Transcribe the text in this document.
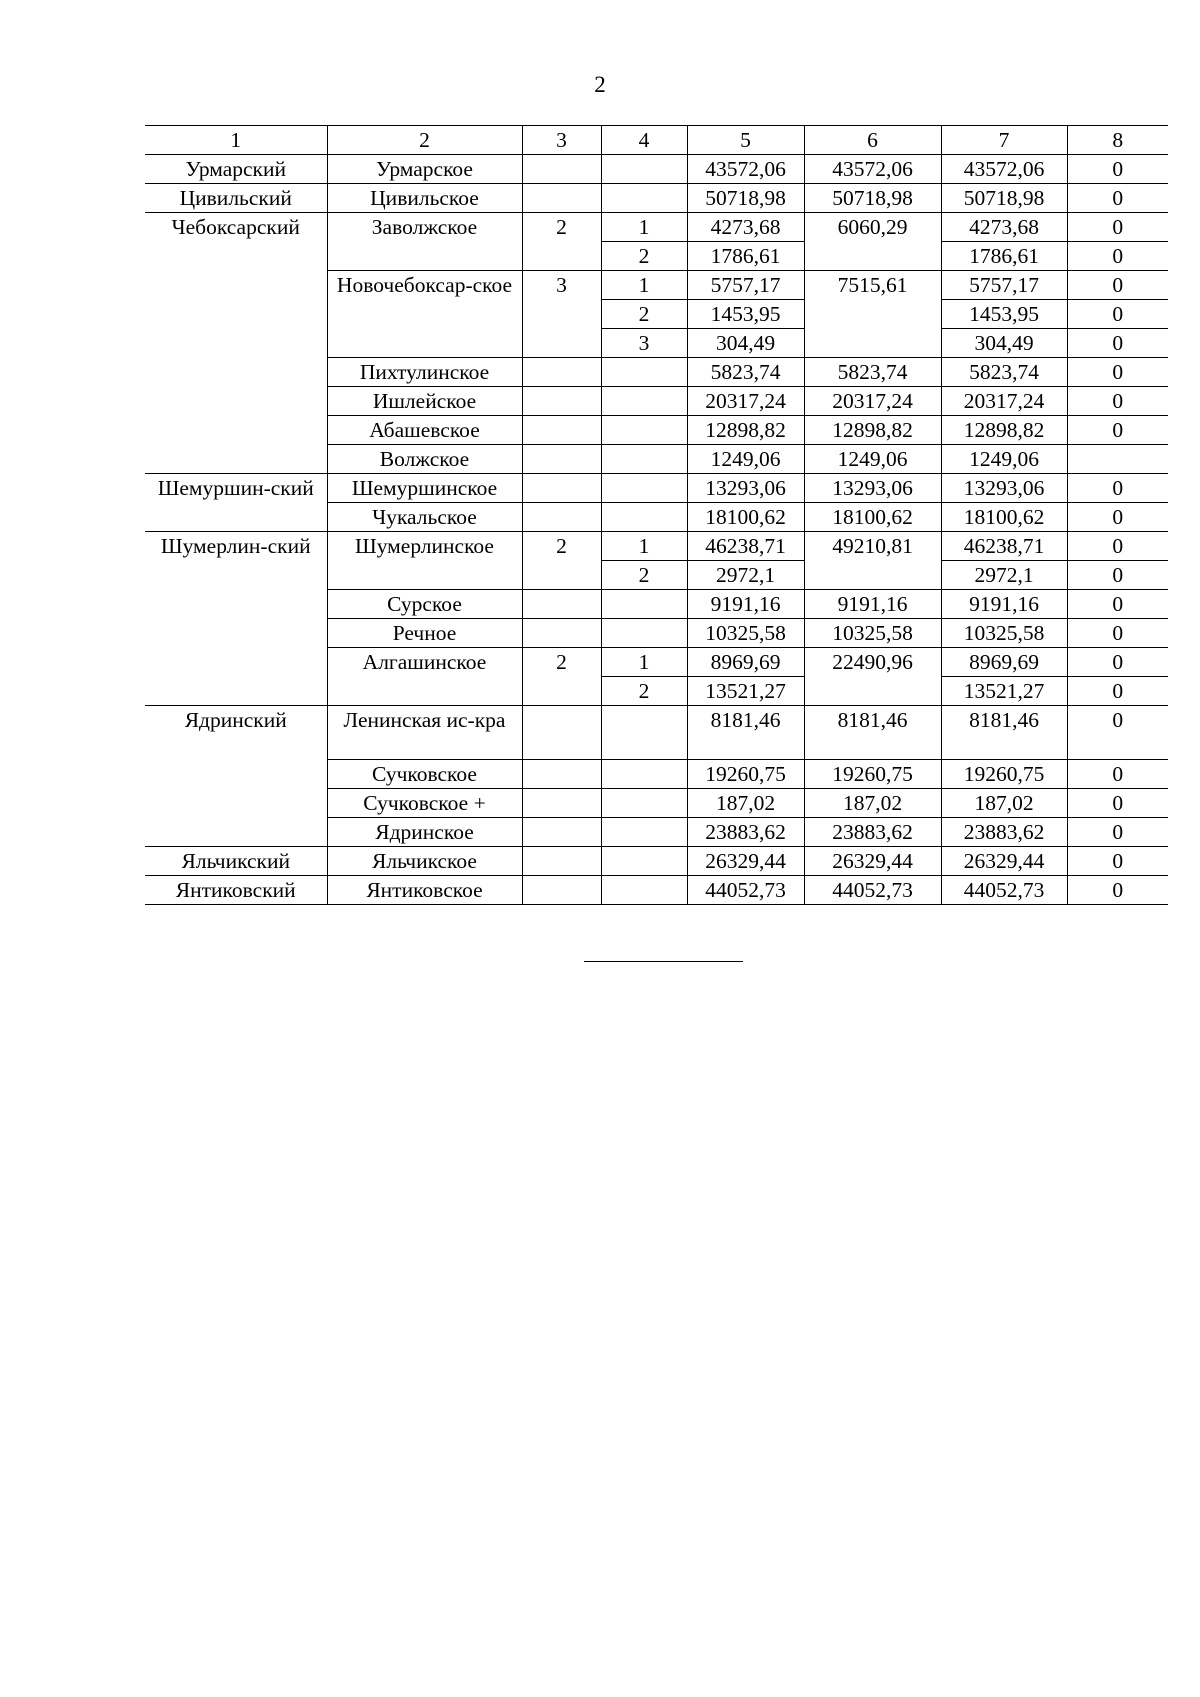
2
1	2	3	4	5	6	7	8
Урмарский	Урмарское			43572,06	43572,06	43572,06	0
Цивильский	Цивильское			50718,98	50718,98	50718,98	0
Чебоксарский	Заволжское	2	1	4273,68	6060,29	4273,68	0
			2	1786,61		1786,61	0
	Новочебоксар-ское	3	1	5757,17	7515,61	5757,17	0
			2	1453,95		1453,95	0
			3	304,49		304,49	0
	Пихтулинское			5823,74	5823,74	5823,74	0
	Ишлейское			20317,24	20317,24	20317,24	0
	Абашевское			12898,82	12898,82	12898,82	0
	Волжское			1249,06	1249,06	1249,06	
Шемуршин-ский	Шемуршинское			13293,06	13293,06	13293,06	0
	Чукальское			18100,62	18100,62	18100,62	0
Шумерлин-ский	Шумерлинское	2	1	46238,71	49210,81	46238,71	0
			2	2972,1		2972,1	0
	Сурское			9191,16	9191,16	9191,16	0
	Речное			10325,58	10325,58	10325,58	0
	Алгашинское	2	1	8969,69	22490,96	8969,69	0
			2	13521,27		13521,27	0
Ядринский	Ленинская ис-кра			8181,46	8181,46	8181,46	0
	Сучковское			19260,75	19260,75	19260,75	0
	Сучковское +			187,02	187,02	187,02	0
	Ядринское			23883,62	23883,62	23883,62	0
Яльчикский	Яльчикское			26329,44	26329,44	26329,44	0
Янтиковский	Янтиковское			44052,73	44052,73	44052,73	0
